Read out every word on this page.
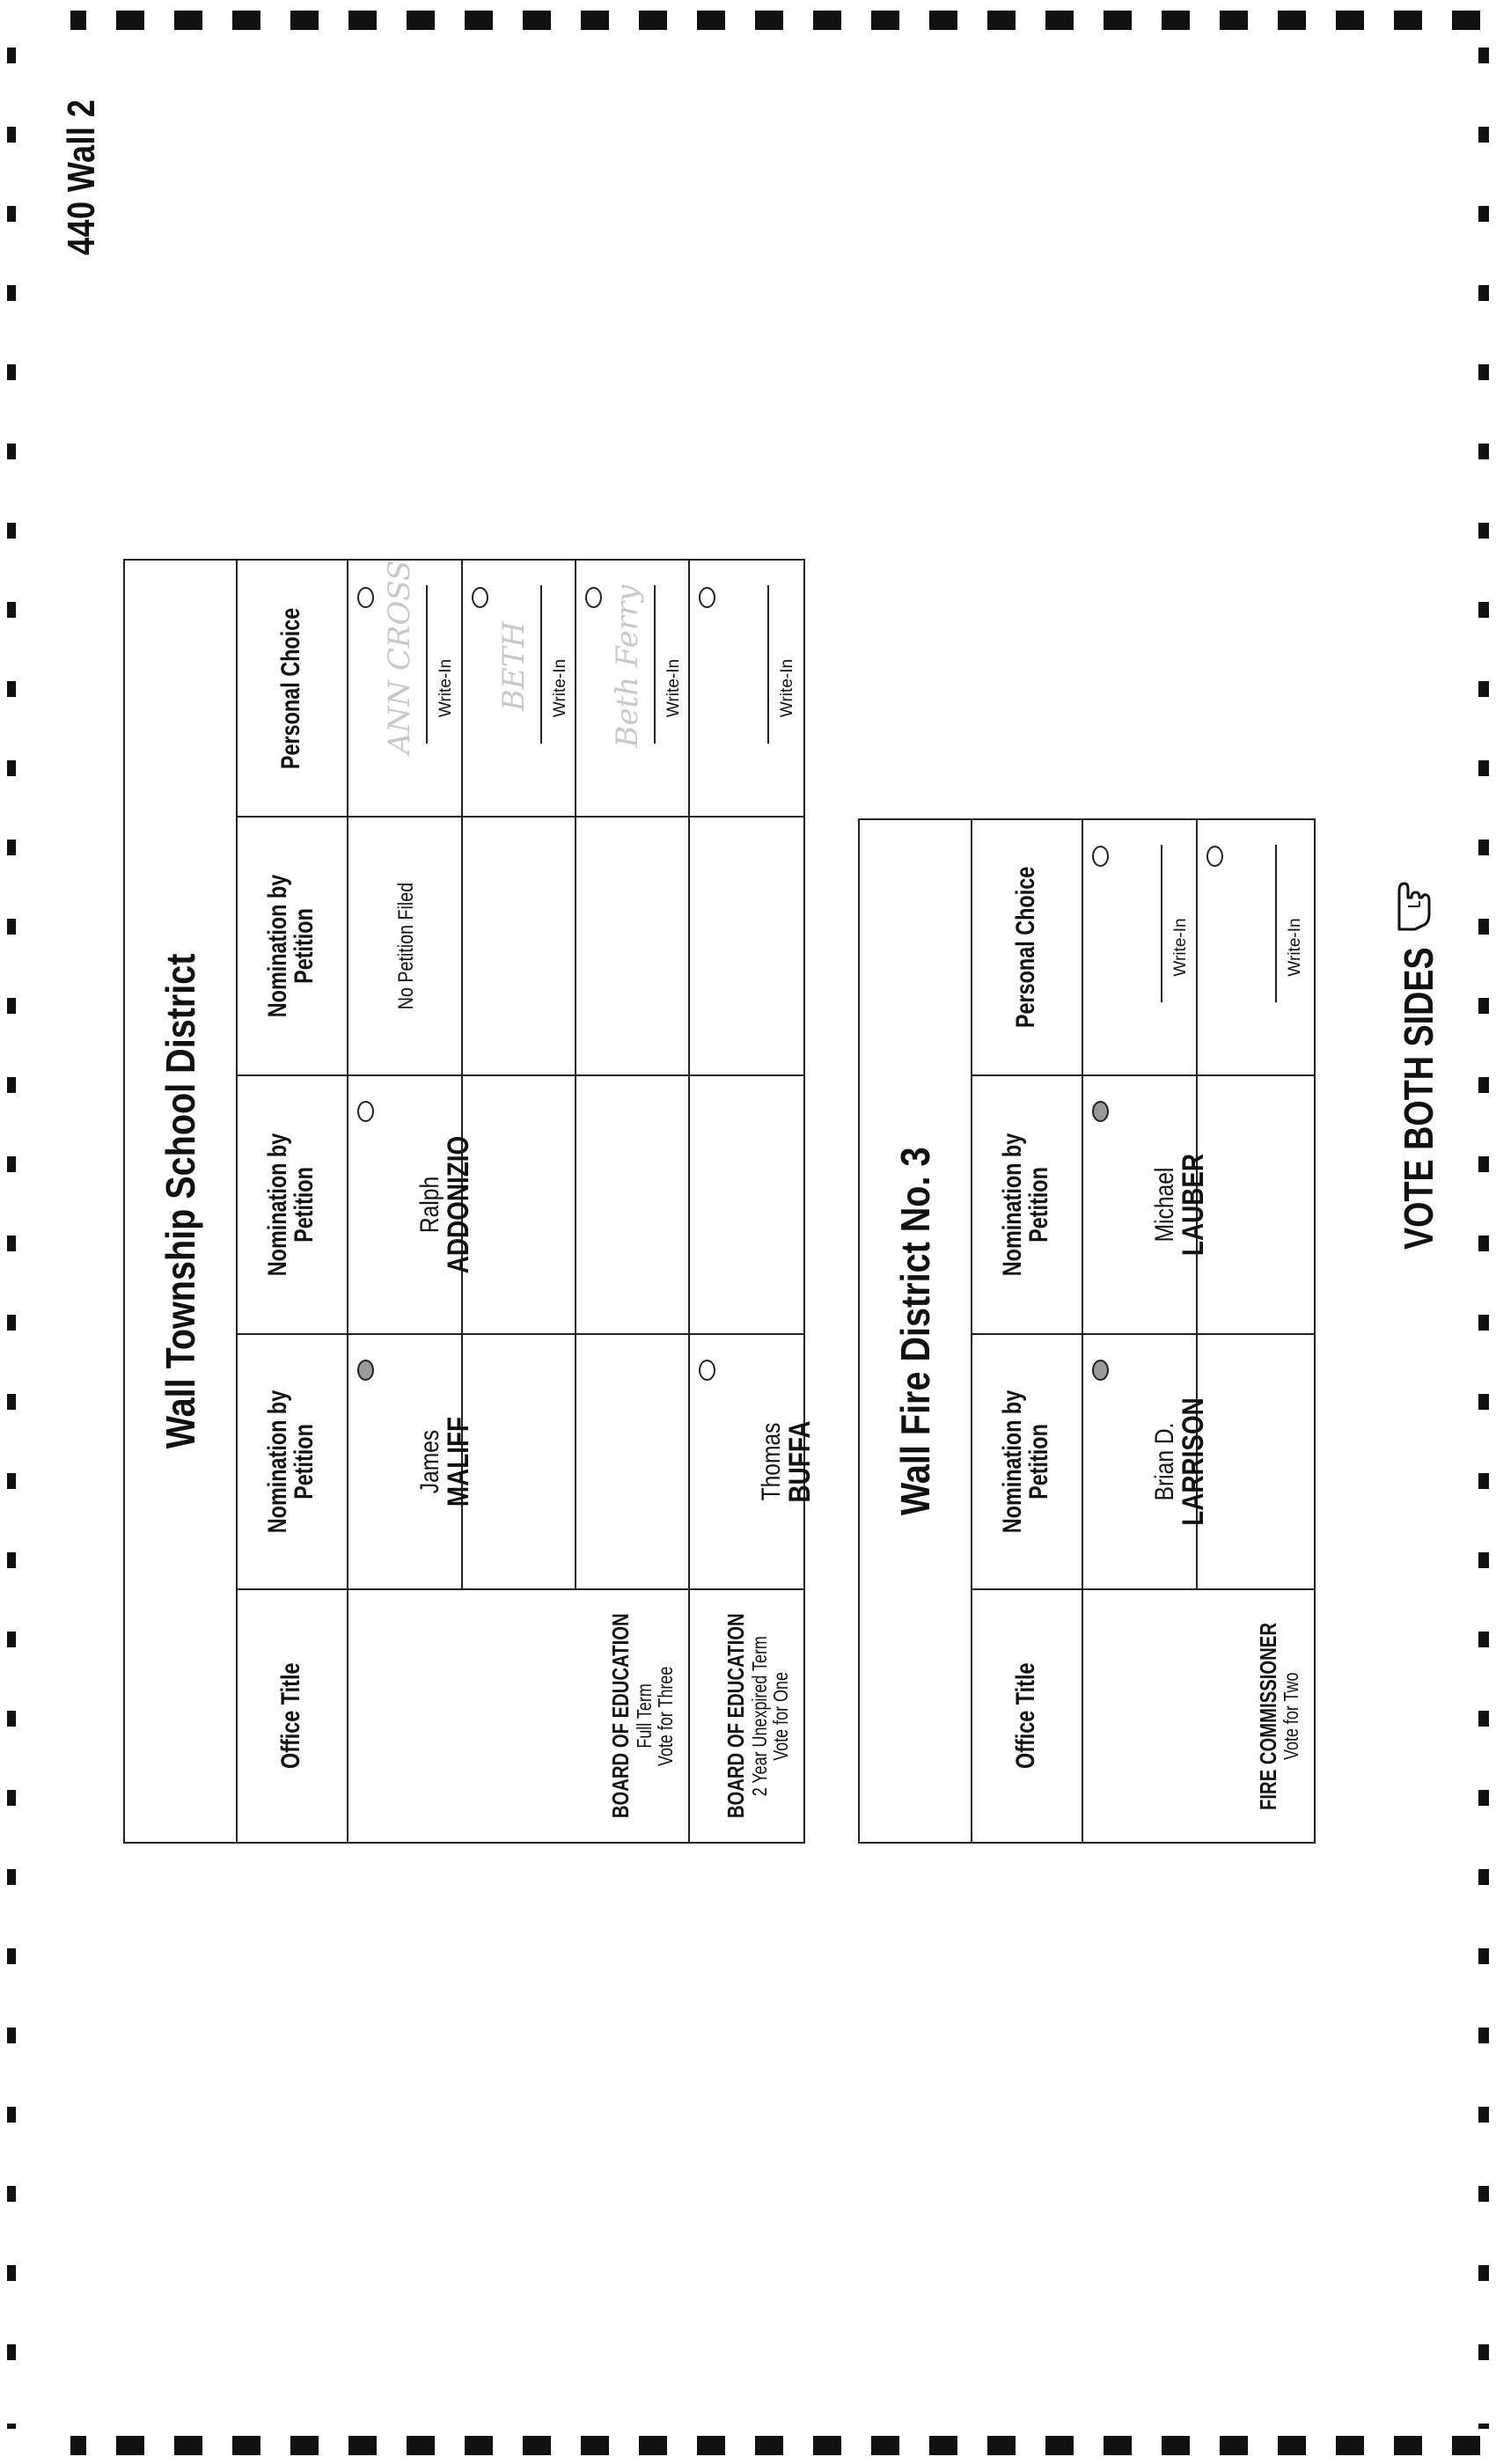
440 Wall 2
Wall Township School District
Office Title
Nomination by Petition
Nomination by Petition
Nomination by Petition
Personal Choice
BOARD OF EDUCATION
Full Term
Vote for Three BOARD OF EDUCATION
2 Year Unexpired Term
Vote for One
James
MALIFF
Ralph
ADDONIZIO
No Petition Filed
ANN CROSS Write-In BETH Write-In Beth Ferry Write-In
Thomas
BUFFA
Write-In
Wall Fire District No. 3
Office Title
Nomination by Petition
Nomination by Petition
Personal Choice
FIRE COMMISSIONER
Vote for Two
Brian D.
LARRISON
Michael
LAUBER
Write-In	Write-In VOTE BOTH SIDES
